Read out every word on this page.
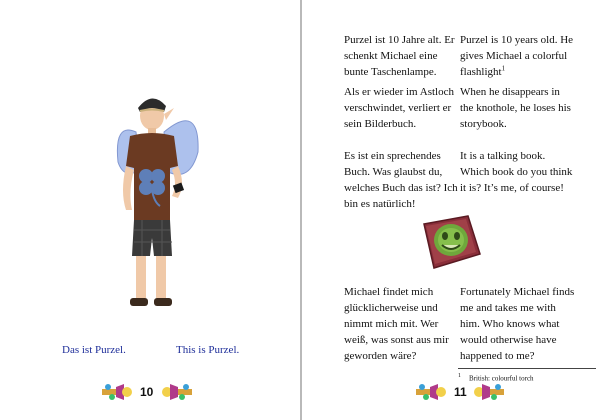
Das ist Purzel.	This is Purzel.
10

Purzel ist 10 Jahre alt. Er schenkt Michael eine bunte Taschenlampe.

Purzel is 10 years old. He gives Michael a colorful flashlight$^1$

Als er wieder im Astloch verschwindet, verliert er sein Bilderbuch.

When he disappears in the knothole, he loses his storybook.

Es ist ein sprechendes Buch. Was glaubst du, welches Buch das ist? Ich bin es natürlich!

It is a talking book. Which book do you think it is? It’s me, of course!

Michael findet mich glücklicherweise und nimmt mich mit. Wer weiß, was sonst aus mir geworden wäre?

Fortunately Michael finds me and takes me with him. Who knows what would otherwise have happened to me?

1 British: colourful torch
11
